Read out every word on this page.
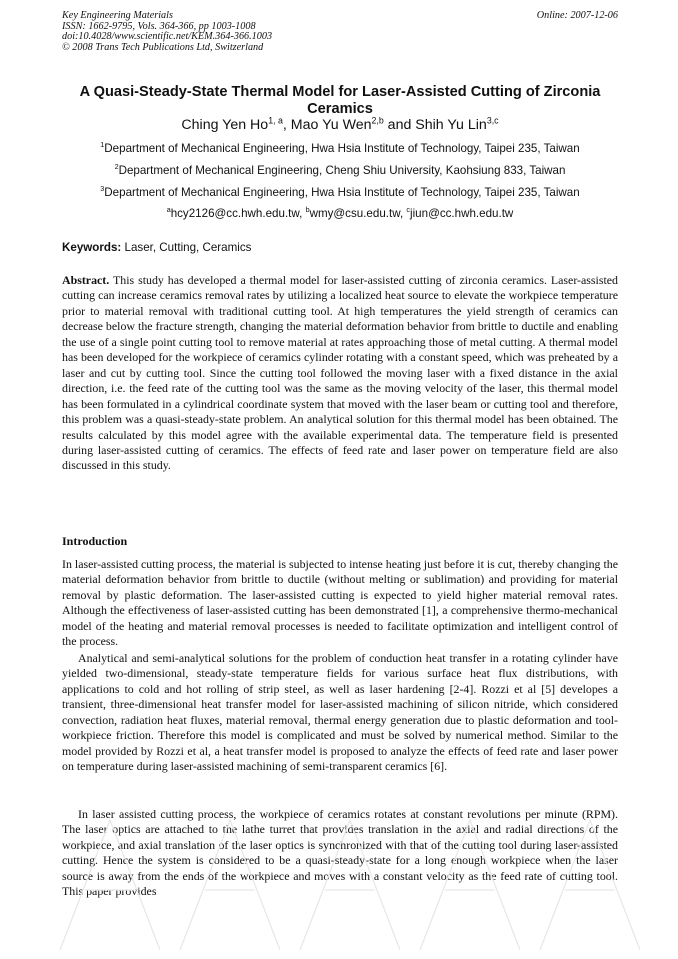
Key Engineering Materials
ISSN: 1662-9795, Vols. 364-366, pp 1003-1008
doi:10.4028/www.scientific.net/KEM.364-366.1003
© 2008 Trans Tech Publications Ltd, Switzerland
Online: 2007-12-06
A Quasi-Steady-State Thermal Model for Laser-Assisted Cutting of Zirconia Ceramics
Ching Yen Ho$^{1, a}$, Mao Yu Wen$^{2,b}$ and Shih Yu Lin$^{3,c}$
$^1$Department of Mechanical Engineering, Hwa Hsia Institute of Technology, Taipei 235, Taiwan
$^2$Department of Mechanical Engineering, Cheng Shiu University, Kaohsiung 833, Taiwan
$^3$Department of Mechanical Engineering, Hwa Hsia Institute of Technology, Taipei 235, Taiwan
$^a$hcy2126@cc.hwh.edu.tw, $^b$wmy@csu.edu.tw, $^c$jiun@cc.hwh.edu.tw
Keywords: Laser, Cutting, Ceramics
Abstract. This study has developed a thermal model for laser-assisted cutting of zirconia ceramics. Laser-assisted cutting can increase ceramics removal rates by utilizing a localized heat source to elevate the workpiece temperature prior to material removal with traditional cutting tool. At high temperatures the yield strength of ceramics can decrease below the fracture strength, changing the material deformation behavior from brittle to ductile and enabling the use of a single point cutting tool to remove material at rates approaching those of metal cutting. A thermal model has been developed for the workpiece of ceramics cylinder rotating with a constant speed, which was preheated by a laser and cut by cutting tool. Since the cutting tool followed the moving laser with a fixed distance in the axial direction, i.e. the feed rate of the cutting tool was the same as the moving velocity of the laser, this thermal model has been formulated in a cylindrical coordinate system that moved with the laser beam or cutting tool and therefore, this problem was a quasi-steady-state problem. An analytical solution for this thermal model has been obtained. The results calculated by this model agree with the available experimental data. The temperature field is presented during laser-assisted cutting of ceramics. The effects of feed rate and laser power on temperature field are also discussed in this study.
Introduction
In laser-assisted cutting process, the material is subjected to intense heating just before it is cut, thereby changing the material deformation behavior from brittle to ductile (without melting or sublimation) and providing for material removal by plastic deformation. The laser-assisted cutting is expected to yield higher material removal rates. Although the effectiveness of laser-assisted cutting has been demonstrated [1], a comprehensive thermo-mechanical model of the heating and material removal processes is needed to facilitate optimization and intelligent control of the process.
Analytical and semi-analytical solutions for the problem of conduction heat transfer in a rotating cylinder have yielded two-dimensional, steady-state temperature fields for various surface heat flux distributions, with applications to cold and hot rolling of strip steel, as well as laser hardening [2-4]. Rozzi et al [5] developes a transient, three-dimensional heat transfer model for laser-assisted machining of silicon nitride, which considered convection, radiation heat fluxes, material removal, thermal energy generation due to plastic deformation and tool-workpiece friction. Therefore this model is complicated and must be solved by numerical method. Similar to the model provided by Rozzi et al, a heat transfer model is proposed to analyze the effects of feed rate and laser power on temperature during laser-assisted machining of semi-transparent ceramics [6].
In laser assisted cutting process, the workpiece of ceramics rotates at constant revolutions per minute (RPM). The laser optics are attached to the lathe turret that provides translation in the axial and radial directions of the workpiece, and axial translation of the laser optics is synchronized with that of the cutting tool during laser-assisted cutting. Hence the system is considered to be a quasi-steady-state for a long enough workpiece when the laser source is away from the ends of the workpiece and moves with a constant velocity as the feed rate of cutting tool. This paper provides
